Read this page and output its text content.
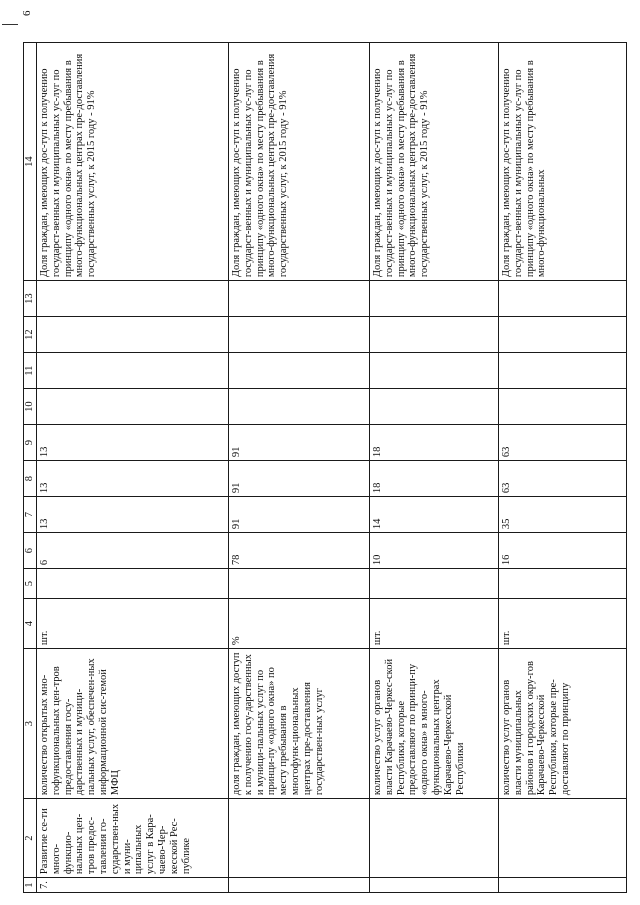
6
1	2	3	4	5	6	7	8	9	10	11	12	13	14
7.	Развитие се-ти много-функцио-нальных цен-тров предос-тавления го-сударствен-ных и муни-ципальных услуг в Кара-чаево-Чер-кесской Рес-публике	количество открытых мно-гофункциональных цен-тров предоставления госу-дарственных и муници-пальных услуг, обеспечен-ных информационной сис-темой МФЦ	шт.		6	13	13	13					Доля граждан, имеющих дос-туп к получению государст-венных и муниципальных ус-луг по принципу «одного окна» по месту пребывания в много-функциональных центрах пре-доставления государственных услуг, к 2015 году - 91%
		доля граждан, имеющих доступ к получению госу-дарственных и муници-пальных услуг по принци-пу «одного окна» по месту пребывания в многофунк-циональных центрах пре-доставления государствен-ных услуг	%		78	91	91	91					Доля граждан, имеющих дос-туп к получению государст-венных и муниципальных ус-луг по принципу «одного окна» по месту пребывания в много-функциональных центрах пре-доставления государственных услуг, к 2015 году - 91%
		количество услуг органов власти Карачаево-Черкес-ской Республики, которые предоставляют по принци-пу «одного окна» в много-функциональных центрах Карачаево-Черкесской Республики	шт.		10	14	18	18					Доля граждан, имеющих дос-туп к получению государст-венных и муниципальных ус-луг по принципу «одного окна» по месту пребывания в много-функциональных центрах пре-доставления государственных услуг, к 2015 году - 91%
		количество услуг органов власти муниципальных районов и городских окру-гов Карачаево-Черкесской Республики, которые пре-доставляют по принципу	шт.		16	35	63	63					Доля граждан, имеющих дос-туп к получению государст-венных и муниципальных ус-луг по принципу «одного окна» по месту пребывания в много-функциональных
